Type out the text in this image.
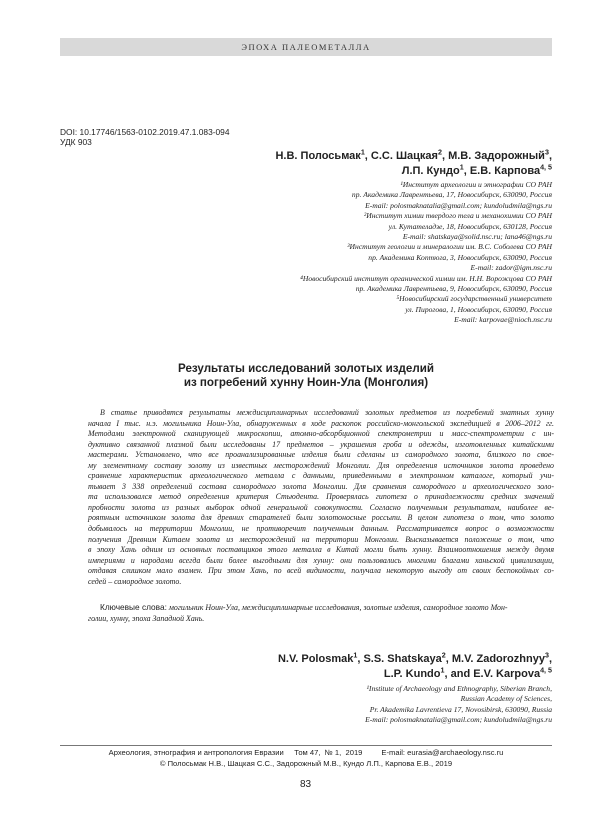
ЭПОХА ПАЛЕОМЕТАЛЛА
DOI: 10.17746/1563-0102.2019.47.1.083-094
УДК 903
Н.В. Полосьмак$^1$, С.С. Шацкая$^2$, М.В. Задорожный$^3$,
Л.П. Кундо$^1$, Е.В. Карпова$^{4, 5}$
¹Институт археологии и этнографии СО РАН
пр. Академика Лаврентьева, 17, Новосибирск, 630090, Россия
E-mail: polosmaknatalia@gmail.com; kundoludmila@ngs.ru
²Институт химии твердого тела и механохимии СО РАН
ул. Кутателадзе, 18, Новосибирск, 630128, Россия
E-mail: shatskaya@solid.nsc.ru; lana46@ngs.ru
³Институт геологии и минералогии им. В.С. Соболева СО РАН
пр. Академика Коптюга, 3, Новосибирск, 630090, Россия
E-mail: zador@igm.nsc.ru
⁴Новосибирский институт органической химии им. Н.Н. Ворожцова СО РАН
пр. Академика Лаврентьева, 9, Новосибирск, 630090, Россия
⁵Новосибирский государственный университет
ул. Пирогова, 1, Новосибирск, 630090, Россия
E-mail: karpovae@nioch.nsc.ru
Результаты исследований золотых изделий
из погребений хунну Ноин-Ула (Монголия)
В статье приводятся результаты междисциплинарных исследований золотых предметов из погребений знатных хунну
начала I тыс. н.э. могильника Ноин-Ула, обнаруженных в ходе раскопок российско-монгольской экспедицией в 2006–2012 гг.
Методами электронной сканирующей микроскопии, атомно-абсорбционной спектрометрии и масс-спектрометрии с ин-
дуктивно связанной плазмой были исследованы 17 предметов – украшения гроба и одежды, изготовленных китайскими
мастерами. Установлено, что все проанализированные изделия были сделаны из самородного золота, близкого по свое-
му элементному составу золоту из известных месторождений Монголии. Для определения источников золота проведено
сравнение характеристик археологического металла с данными, приведенными в электронном каталоге, который учи-
тывает 3 338 определений состава самородного золота Монголии. Для сравнения самородного и археологического золо-
та использовался метод определения критерия Стьюдента. Проверялась гипотеза о принадлежности средних значений
пробности золота из разных выборок одной генеральной совокупности. Согласно полученным результатам, наиболее ве-
роятным источником золота для древних старателей были золотоносные россыпи. В целом гипотеза о том, что золото
добывалось на территории Монголии, не противоречит полученным данным. Рассматривается вопрос о возможности
получения Древним Китаем золота из месторождений на территории Монголии. Высказывается положение о том, что
в эпоху Хань одним из основных поставщиков этого металла в Китай могли быть хунну. Взаимоотношения между двумя
империями и народами всегда были более выгодными для хунну: они пользовались многими благами ханьской цивилизации,
отдавая слишком мало взамен. При этом Хань, по всей видимости, получала некоторую выгоду от своих беспокойных со-
седей – самородное золото.
Ключевые слова: могильник Ноин-Ула, междисциплинарные исследования, золотые изделия, самородное золото Мон-
голии, хунну, эпоха Западной Хань.
N.V. Polosmak$^1$, S.S. Shatskaya$^2$, M.V. Zadorozhnyy$^3$,
L.P. Kundo$^1$, and E.V. Karpova$^{4, 5}$
¹Institute of Archaeology and Ethnography, Siberian Branch,
Russian Academy of Sciences,
Pr. Akademika Lavrentieva 17, Novosibirsk, 630090, Russia
E-mail: polosmaknatalia@gmail.com; kundoludmila@ngs.ru
Археология, этнография и антропология Евразии Том 47, № 1, 2019	E-mail: eurasia@archaeology.nsc.ru
© Полосьмак Н.В., Шацкая С.С., Задорожный М.В., Кундо Л.П., Карпова Е.В., 2019
83
